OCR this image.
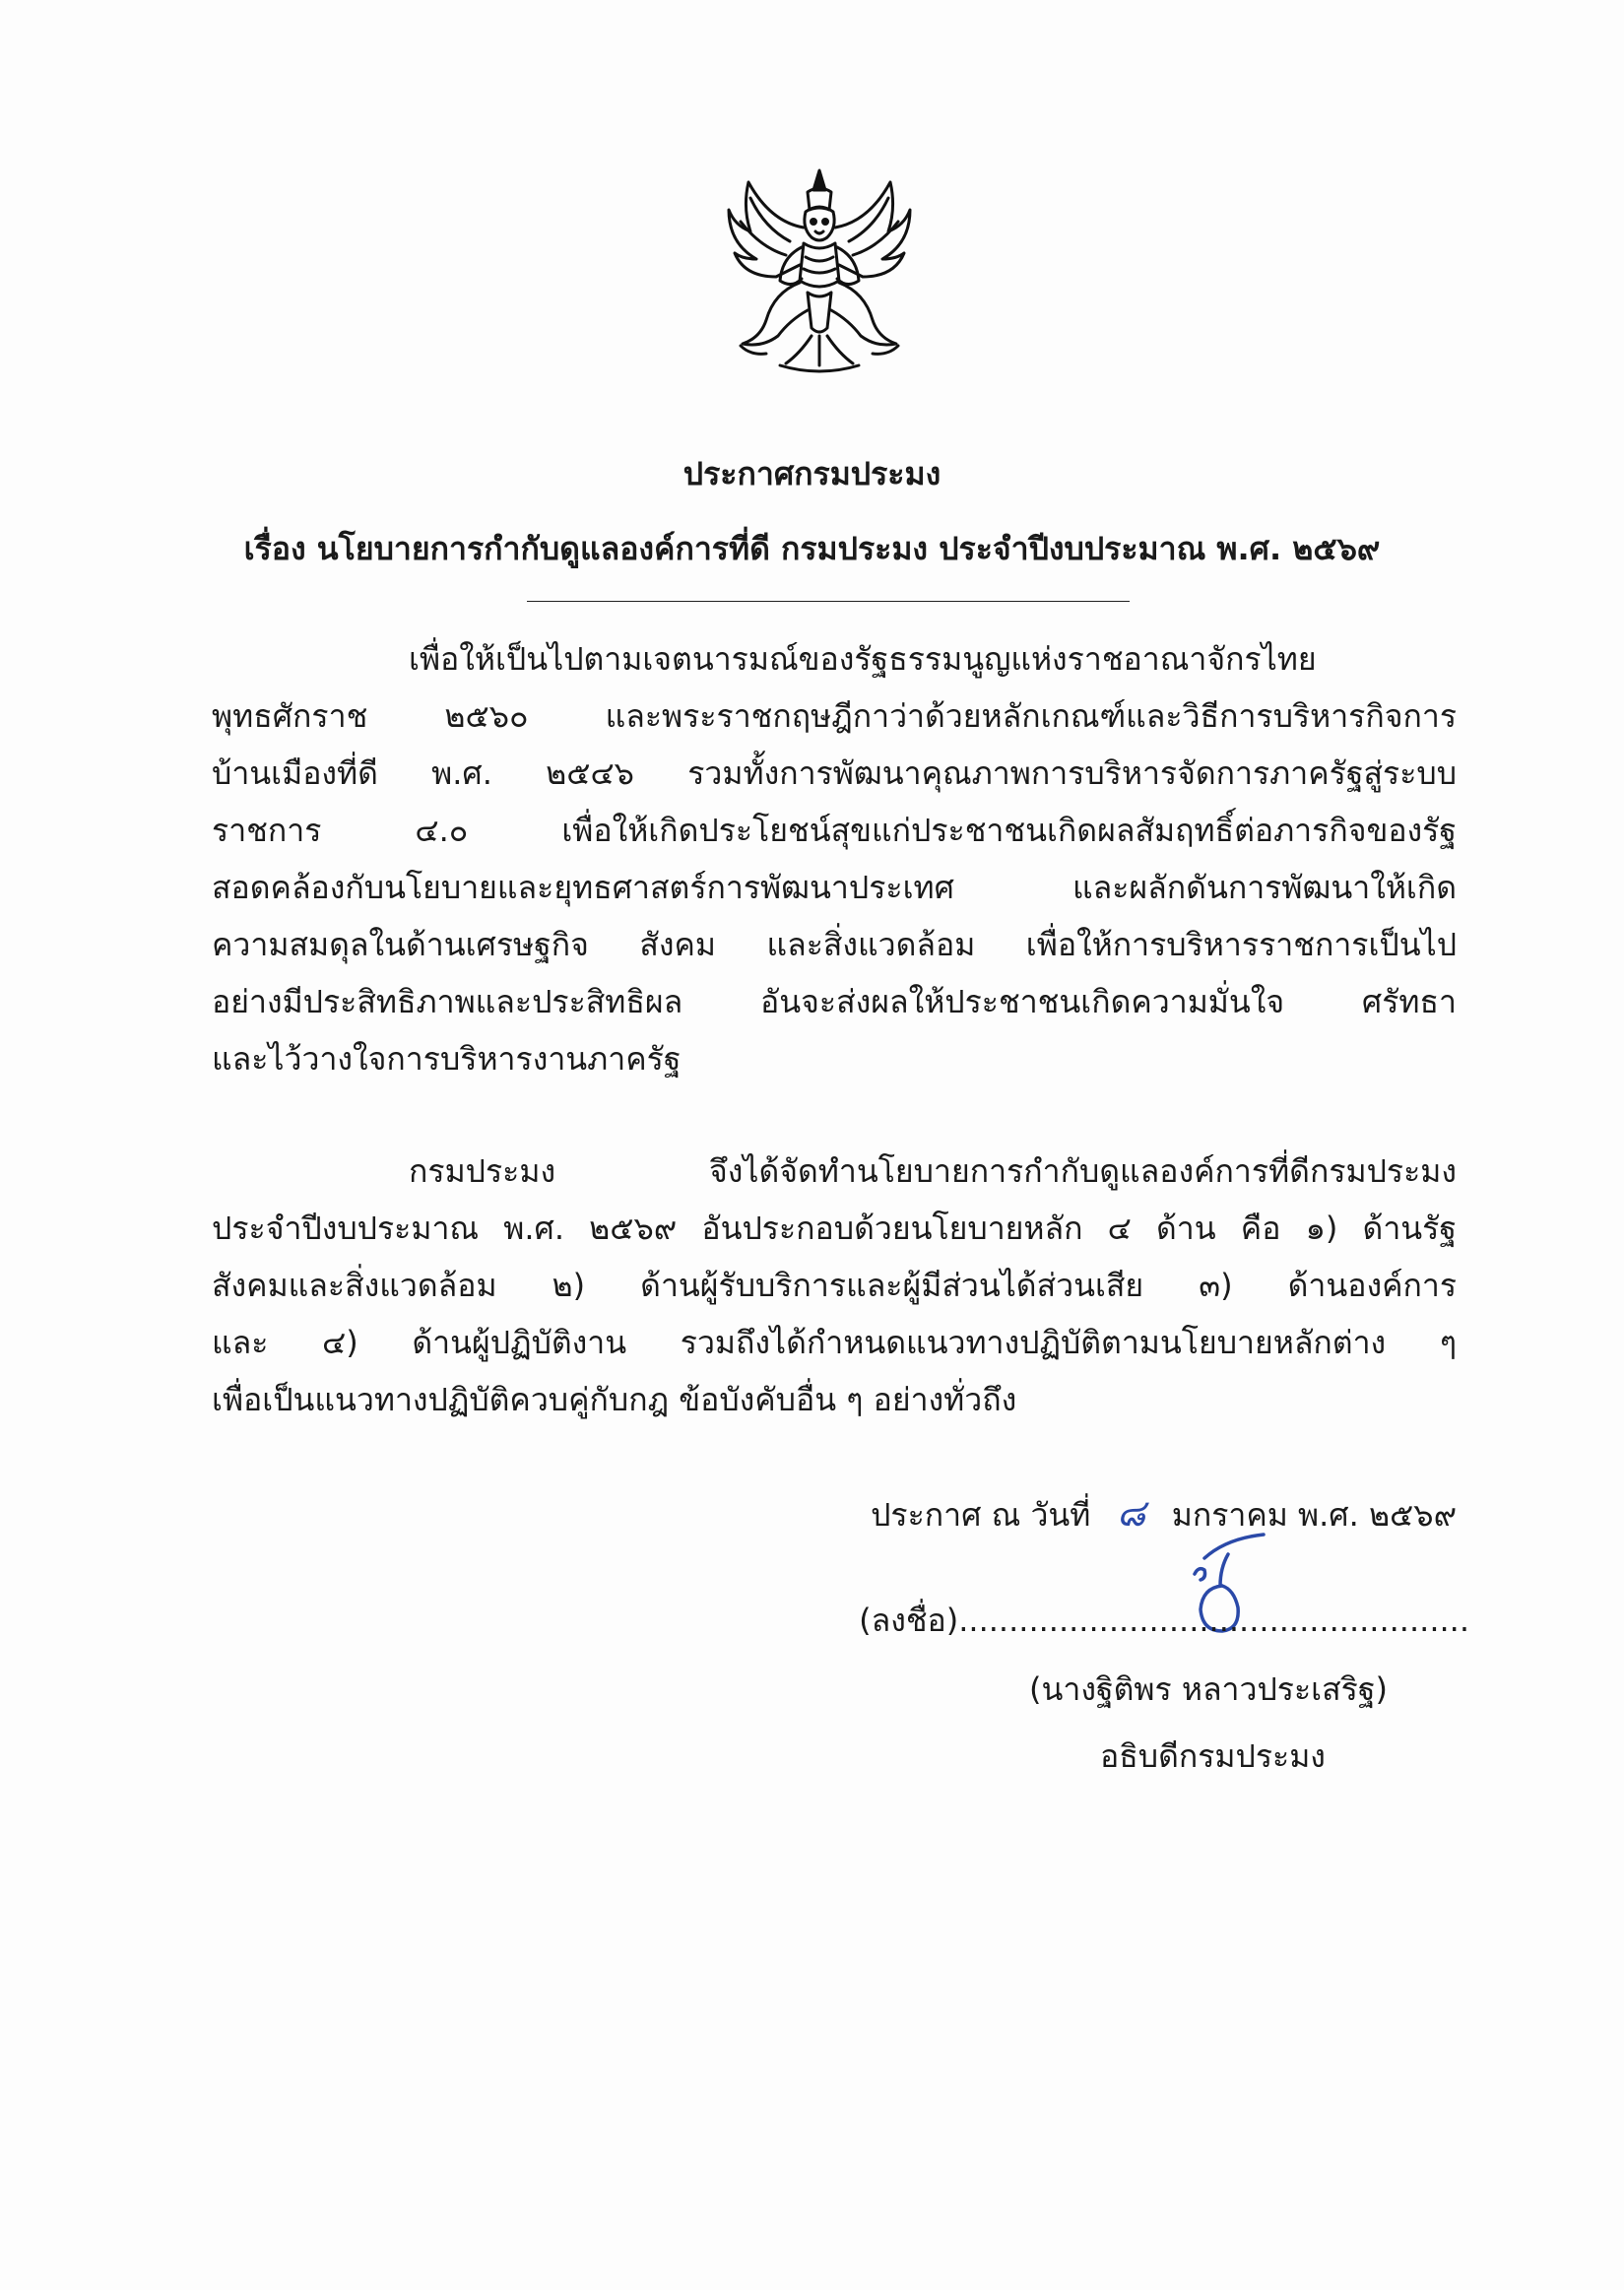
ประกาศกรมประมง
เรื่อง นโยบายการกำกับดูแลองค์การที่ดี กรมประมง ประจำปีงบประมาณ พ.ศ. ๒๕๖๙
เพื่อให้เป็นไปตามเจตนารมณ์ของรัฐธรรมนูญแห่งราชอาณาจักรไทย
พุทธศักราช ๒๕๖๐ และพระราชกฤษฎีกาว่าด้วยหลักเกณฑ์และวิธีการบริหารกิจการ
บ้านเมืองที่ดี พ.ศ. ๒๕๔๖ รวมทั้งการพัฒนาคุณภาพการบริหารจัดการภาครัฐสู่ระบบ
ราชการ ๔.๐ เพื่อให้เกิดประโยชน์สุขแก่ประชาชนเกิดผลสัมฤทธิ์ต่อภารกิจของรัฐ
สอดคล้องกับนโยบายและยุทธศาสตร์การพัฒนาประเทศ และผลักดันการพัฒนาให้เกิด
ความสมดุลในด้านเศรษฐกิจ สังคม และสิ่งแวดล้อม เพื่อให้การบริหารราชการเป็นไป
อย่างมีประสิทธิภาพและประสิทธิผล อันจะส่งผลให้ประชาชนเกิดความมั่นใจ ศรัทธา
และไว้วางใจการบริหารงานภาครัฐ
กรมประมง จึงได้จัดทำนโยบายการกำกับดูแลองค์การที่ดีกรมประมง
ประจำปีงบประมาณ พ.ศ. ๒๕๖๙ อันประกอบด้วยนโยบายหลัก ๔ ด้าน คือ ๑) ด้านรัฐ
สังคมและสิ่งแวดล้อม ๒) ด้านผู้รับบริการและผู้มีส่วนได้ส่วนเสีย ๓) ด้านองค์การ
และ ๔) ด้านผู้ปฏิบัติงาน รวมถึงได้กำหนดแนวทางปฏิบัติตามนโยบายหลักต่าง ๆ
เพื่อเป็นแนวทางปฏิบัติควบคู่กับกฎ ข้อบังคับอื่น ๆ อย่างทั่วถึง
ประกาศ ณ วันที่ ๘ มกราคม พ.ศ. ๒๕๖๙
(ลงชื่อ)...................................................
(นางฐิติพร หลาวประเสริฐ)
อธิบดีกรมประมง
